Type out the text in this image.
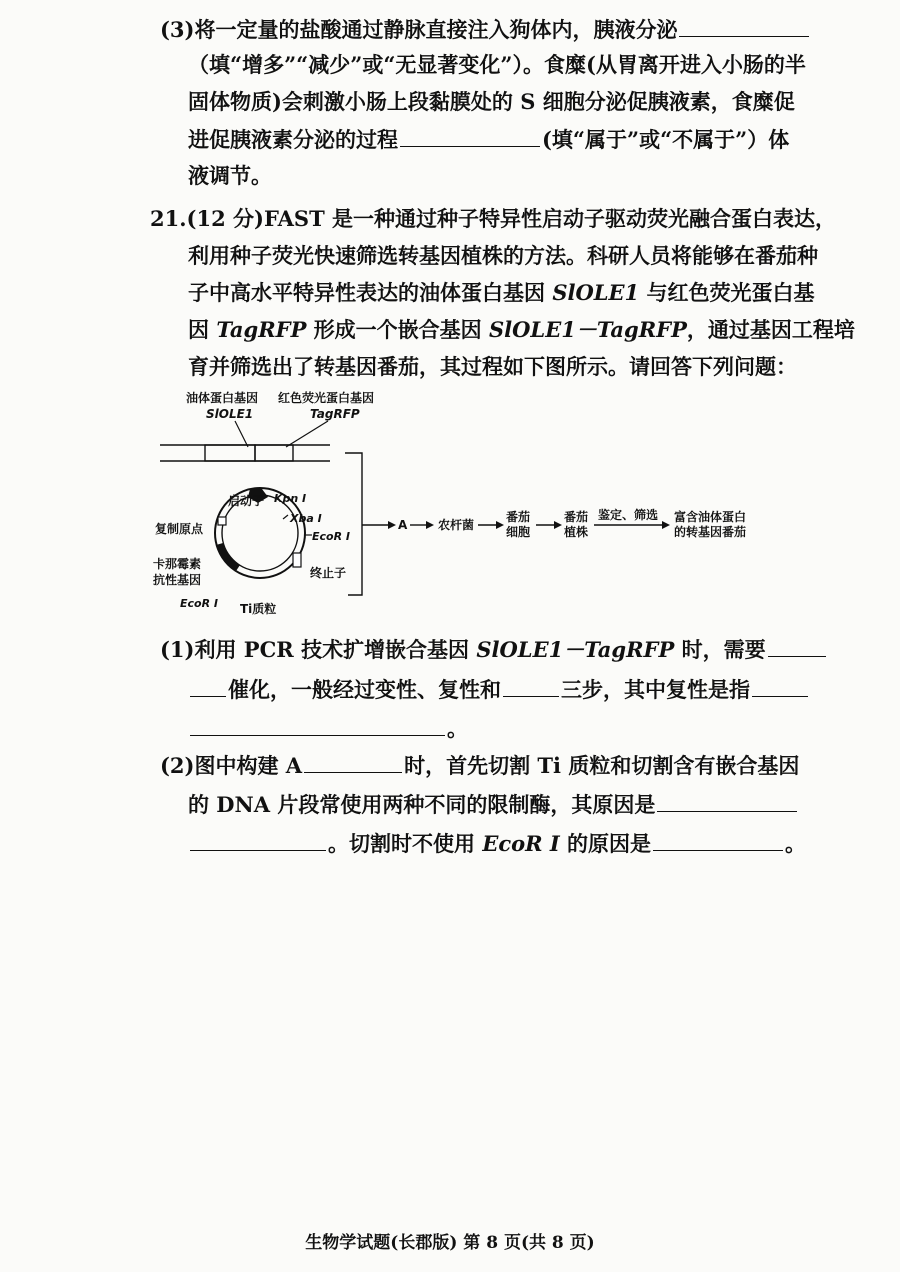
(3)将一定量的盐酸通过静脉直接注入狗体内，胰液分泌
（填“增多”“减少”或“无显著变化”）。食糜(从胃离开进入小肠的半
固体物质)会刺激小肠上段黏膜处的 S 细胞分泌促胰液素，食糜促
进促胰液素分泌的过程	(填“属于”或“不属于”）体
液调节。
21.(12 分)FAST 是一种通过种子特异性启动子驱动荧光融合蛋白表达，
利用种子荧光快速筛选转基因植株的方法。科研人员将能够在番茄种
子中高水平特异性表达的油体蛋白基因 SlOLE1 与红色荧光蛋白基
因 TagRFP 形成一个嵌合基因 SlOLE1－TagRFP，通过基因工程培
育并筛选出了转基因番茄，其过程如下图所示。请回答下列问题：
油体蛋白基因 红色荧光蛋白基因
SlOLE1	TagRFP
启动子 Kpn Ⅰ
Xba Ⅰ
EcoR Ⅰ
复制原点
卡那霉素
抗性基因	终止子
EcoR Ⅰ Ti质粒
A	农杆菌
番茄
细胞
番茄
植株
鉴定、筛选 富含油体蛋白
的转基因番茄
(1)利用 PCR 技术扩增嵌合基因 SlOLE1－TagRFP 时，需要
催化，一般经过变性、复性和	三步，其中复性是指
。
(2)图中构建 A	时，首先切割 Ti 质粒和切割含有嵌合基因
的 DNA 片段常使用两种不同的限制酶，其原因是
。切割时不使用 EcoR Ⅰ 的原因是	。
生物学试题(长郡版) 第 8 页(共 8 页)
